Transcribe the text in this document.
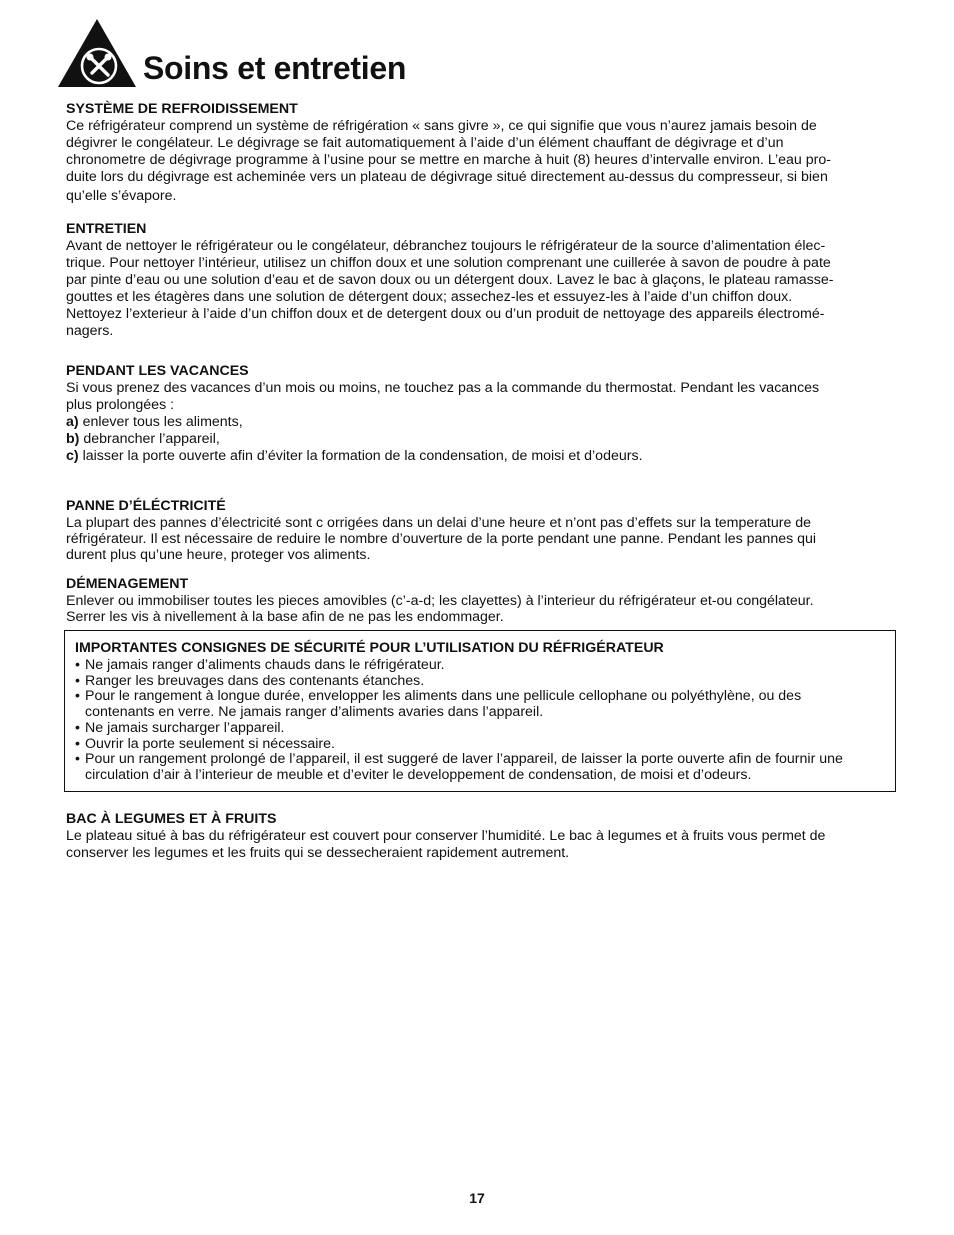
Soins et entretien
SYSTÈME DE REFROIDISSEMENT

Ce réfrigérateur comprend un système de réfrigération « sans givre », ce qui signifie que vous n’aurez jamais besoin de

dégivrer le congélateur. Le dégivrage se fait automatiquement à l’aide d’un élément chauffant de dégivrage et d’un

chronometre de dégivrage programme à l’usine pour se mettre en marche à huit (8) heures d’intervalle environ. L’eau pro-

duite lors du dégivrage est acheminée vers un plateau de dégivrage situé directement au-dessus du compresseur, si bien

qu’elle s’évapore.

ENTRETIEN

Avant de nettoyer le réfrigérateur ou le congélateur, débranchez toujours le réfrigérateur de la source d’alimentation élec-

trique. Pour nettoyer l’intérieur, utilisez un chiffon doux et une solution comprenant une cuillerée à savon de poudre à pate

par pinte d’eau ou une solution d’eau et de savon doux ou un détergent doux. Lavez le bac à glaçons, le plateau ramasse-

gouttes et les étagères dans une solution de détergent doux; assechez-les et essuyez-les à l’aide d’un chiffon doux.

Nettoyez l’exterieur à l’aide d’un chiffon doux et de detergent doux ou d’un produit de nettoyage des appareils électromé-

nagers.

PENDANT LES VACANCES

Si vous prenez des vacances d’un mois ou moins, ne touchez pas a la commande du thermostat. Pendant les vacances

plus prolongées :

a) enlever tous les aliments,

b) debrancher l’appareil,

c) laisser la porte ouverte afin d’éviter la formation de la condensation, de moisi et d’odeurs.

PANNE D’ÉLÉCTRICITÉ

La plupart des pannes d’électricité sont c orrigées dans un delai d’une heure et n’ont pas d’effets sur la temperature de

réfrigérateur. Il est nécessaire de reduire le nombre d’ouverture de la porte pendant une panne. Pendant les pannes qui

durent plus qu’une heure, proteger vos aliments.

DÉMENAGEMENT

Enlever ou immobiliser toutes les pieces amovibles (c’-a-d; les clayettes) à l’interieur du réfrigérateur et-ou congélateur.

Serrer les vis à nivellement à la base afin de ne pas les endommager.

IMPORTANTES CONSIGNES DE SÉCURITÉ POUR L’UTILISATION DU RÉFRIGÉRATEUR

• Ne jamais ranger d’aliments chauds dans le réfrigérateur.

• Ranger les breuvages dans des contenants étanches.

• Pour le rangement à longue durée, envelopper les aliments dans une pellicule cellophane ou polyéthylène, ou des
contenants en verre. Ne jamais ranger d’aliments avaries dans l’appareil.

• Ne jamais surcharger l’appareil.

• Ouvrir la porte seulement si nécessaire.

• Pour un rangement prolongé de l’appareil, il est suggeré de laver l’appareil, de laisser la porte ouverte afin de fournir une
circulation d’air à l’interieur de meuble et d’eviter le developpement de condensation, de moisi et d’odeurs.

BAC À LEGUMES ET À FRUITS

Le plateau situé à bas du réfrigérateur est couvert pour conserver l’humidité. Le bac à legumes et à fruits vous permet de

conserver les legumes et les fruits qui se dessecheraient rapidement autrement.

17
